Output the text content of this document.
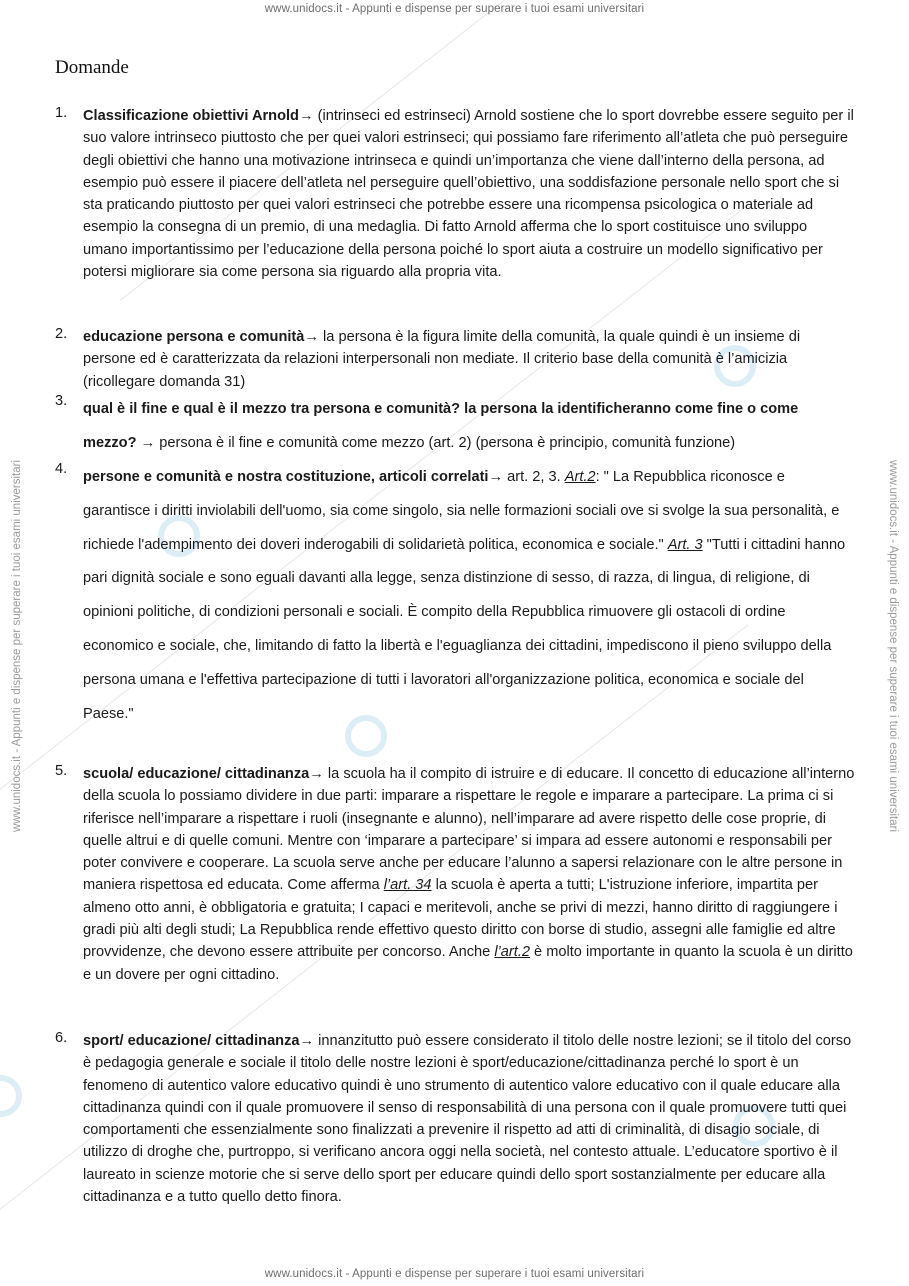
www.unidocs.it - Appunti e dispense per superare i tuoi esami universitari
www.unidocs.it - Appunti e dispense per superare i tuoi esami universitari
www.unidocs.it - Appunti e dispense per superare i tuoi esami universitari	www.unidocs.it - Appunti e dispense per superare i tuoi esami universitari
Domande
1.	Classificazione obiettivi Arnold→ (intrinseci ed estrinseci) Arnold sostiene che lo sport dovrebbe essere seguito per il suo valore intrinseco piuttosto che per quei valori estrinseci; qui possiamo fare riferimento all’atleta che può perseguire degli obiettivi che hanno una motivazione intrinseca e quindi un’importanza che viene dall’interno della persona, ad esempio può essere il piacere dell’atleta nel perseguire quell’obiettivo, una soddisfazione personale nello sport che si sta praticando piuttosto per quei valori estrinseci che potrebbe essere una ricompensa psicologica o materiale ad esempio la consegna di un premio, di una medaglia. Di fatto Arnold afferma che lo sport costituisce uno sviluppo umano importantissimo per l’educazione della persona poiché lo sport aiuta a costruire un modello significativo per potersi migliorare sia come persona sia riguardo alla propria vita.
2.	educazione persona e comunità→ la persona è la figura limite della comunità, la quale quindi è un insieme di persone ed è caratterizzata da relazioni interpersonali non mediate. Il criterio base della comunità è l’amicizia (ricollegare domanda 31)
3.	qual è il fine e qual è il mezzo tra persona e comunità? la persona la identificheranno come fine o come mezzo? → persona è il fine e comunità come mezzo (art. 2) (persona è principio, comunità funzione)
4.	persone e comunità e nostra costituzione, articoli correlati→ art. 2, 3. Art.2: " La Repubblica riconosce e garantisce i diritti inviolabili dell'uomo, sia come singolo, sia nelle formazioni sociali ove si svolge la sua personalità, e richiede l'adempimento dei doveri inderogabili di solidarietà politica, economica e sociale." Art. 3 "Tutti i cittadini hanno pari dignità sociale e sono eguali davanti alla legge, senza distinzione di sesso, di razza, di lingua, di religione, di opinioni politiche, di condizioni personali e sociali. È compito della Repubblica rimuovere gli ostacoli di ordine economico e sociale, che, limitando di fatto la libertà e l'eguaglianza dei cittadini, impediscono il pieno sviluppo della persona umana e l'effettiva partecipazione di tutti i lavoratori all'organizzazione politica, economica e sociale del Paese."
5.	scuola/ educazione/ cittadinanza→ la scuola ha il compito di istruire e di educare. Il concetto di educazione all’interno della scuola lo possiamo dividere in due parti: imparare a rispettare le regole e imparare a partecipare. La prima ci si riferisce nell’imparare a rispettare i ruoli (insegnante e alunno), nell’imparare ad avere rispetto delle cose proprie, di quelle altrui e di quelle comuni. Mentre con ‘imparare a partecipare’ si impara ad essere autonomi e responsabili per poter convivere e cooperare. La scuola serve anche per educare l’alunno a sapersi relazionare con le altre persone in maniera rispettosa ed educata. Come afferma l’art. 34 la scuola è aperta a tutti; L'istruzione inferiore, impartita per almeno otto anni, è obbligatoria e gratuita; I capaci e meritevoli, anche se privi di mezzi, hanno diritto di raggiungere i gradi più alti degli studi; La Repubblica rende effettivo questo diritto con borse di studio, assegni alle famiglie ed altre provvidenze, che devono essere attribuite per concorso. Anche l’art.2 è molto importante in quanto la scuola è un diritto e un dovere per ogni cittadino.
6.	sport/ educazione/ cittadinanza→ innanzitutto può essere considerato il titolo delle nostre lezioni; se il titolo del corso è pedagogia generale e sociale il titolo delle nostre lezioni è sport/educazione/cittadinanza perché lo sport è un fenomeno di autentico valore educativo quindi è uno strumento di autentico valore educativo con il quale educare alla cittadinanza quindi con il quale promuovere il senso di responsabilità di una persona con il quale promuovere tutti quei comportamenti che essenzialmente sono finalizzati a prevenire il rispetto ad atti di criminalità, di disagio sociale, di utilizzo di droghe che, purtroppo, si verificano ancora oggi nella società, nel contesto attuale. L’educatore sportivo è il laureato in scienze motorie che si serve dello sport per educare quindi dello sport sostanzialmente per educare alla cittadinanza e a tutto quello detto finora.
